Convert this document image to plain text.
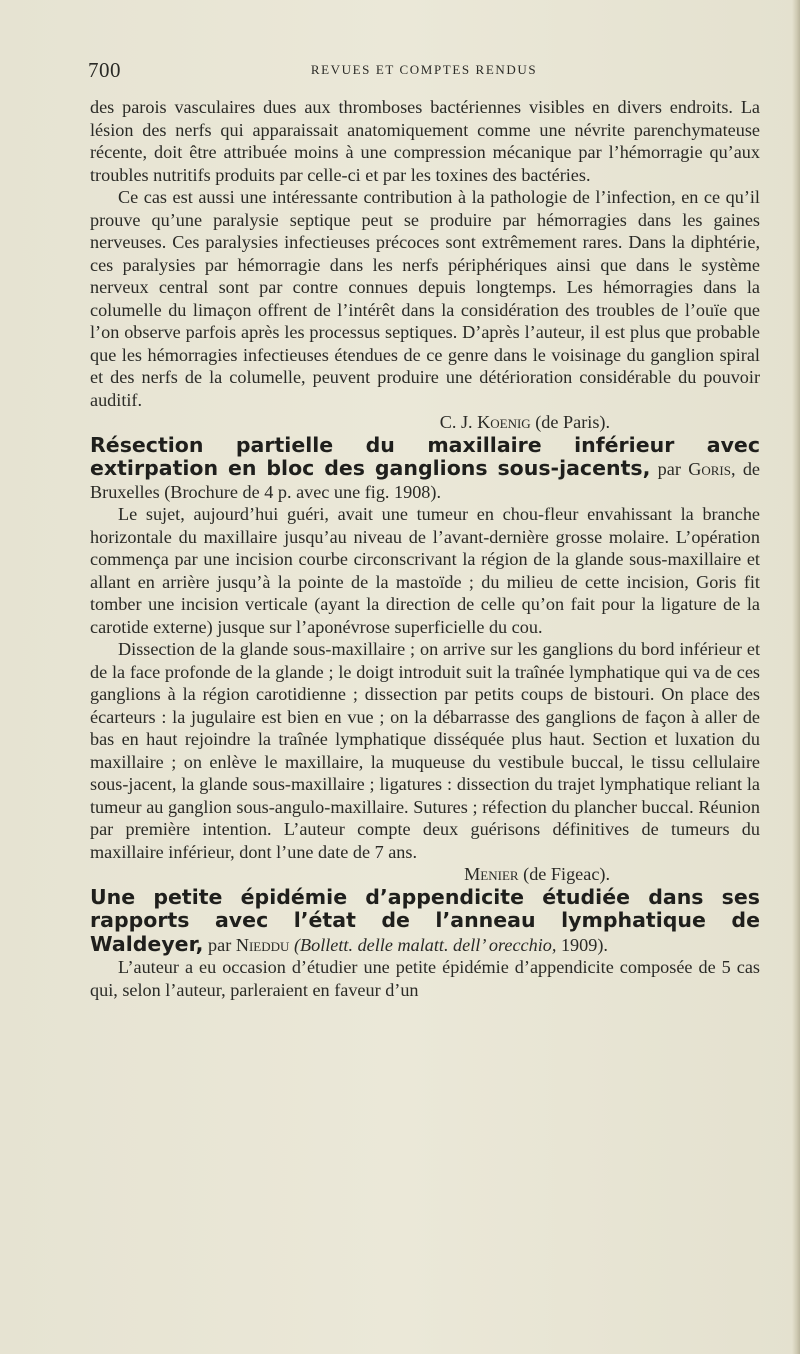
700	REVUES ET COMPTES RENDUS

des parois vasculaires dues aux thromboses bactériennes visibles en divers endroits. La lésion des nerfs qui apparaissait anatomiquement comme une névrite parenchymateuse récente, doit être attribuée moins à une compression mécanique par l’hémorragie qu’aux troubles nutritifs produits par celle-ci et par les toxines des bactéries.

Ce cas est aussi une intéressante contribution à la pathologie de l’infection, en ce qu’il prouve qu’une paralysie septique peut se produire par hémorragies dans les gaines nerveuses. Ces paralysies infectieuses précoces sont extrêmement rares. Dans la diphtérie, ces paralysies par hémorragie dans les nerfs périphériques ainsi que dans le système nerveux central sont par contre connues depuis longtemps. Les hémorragies dans la columelle du limaçon offrent de l’intérêt dans la considération des troubles de l’ouïe que l’on observe parfois après les processus septiques. D’après l’auteur, il est plus que probable que les hémorragies infectieuses étendues de ce genre dans le voisinage du ganglion spiral et des nerfs de la columelle, peuvent produire une détérioration considérable du pouvoir auditif.

C. J. Koenig (de Paris).

Résection partielle du maxillaire inférieur avec extirpation en bloc des ganglions sous-jacents, par Goris, de Bruxelles (Brochure de 4 p. avec une fig. 1908).

Le sujet, aujourd’hui guéri, avait une tumeur en chou-fleur envahissant la branche horizontale du maxillaire jusqu’au niveau de l’avant-dernière grosse molaire. L’opération commença par une incision courbe circonscrivant la région de la glande sous-maxillaire et allant en arrière jusqu’à la pointe de la mastoïde ; du milieu de cette incision, Goris fit tomber une incision verticale (ayant la direction de celle qu’on fait pour la ligature de la carotide externe) jusque sur l’aponévrose superficielle du cou.

Dissection de la glande sous-maxillaire ; on arrive sur les ganglions du bord inférieur et de la face profonde de la glande ; le doigt introduit suit la traînée lymphatique qui va de ces ganglions à la région carotidienne ; dissection par petits coups de bistouri. On place des écarteurs : la jugulaire est bien en vue ; on la débarrasse des ganglions de façon à aller de bas en haut rejoindre la traînée lymphatique disséquée plus haut. Section et luxation du maxillaire ; on enlève le maxillaire, la muqueuse du vestibule buccal, le tissu cellulaire sous-jacent, la glande sous-maxillaire ; ligatures : dissection du trajet lymphatique reliant la tumeur au ganglion sous-angulo-maxillaire. Sutures ; réfection du plancher buccal. Réunion par première intention. L’auteur compte deux guérisons définitives de tumeurs du maxillaire inférieur, dont l’une date de 7 ans.

Menier (de Figeac).

Une petite épidémie d’appendicite étudiée dans ses rapports avec l’état de l’anneau lymphatique de Waldeyer, par Nieddu (Bollett. delle malatt. dell’ orecchio, 1909).

L’auteur a eu occasion d’étudier une petite épidémie d’appendicite composée de 5 cas qui, selon l’auteur, parleraient en faveur d’un
